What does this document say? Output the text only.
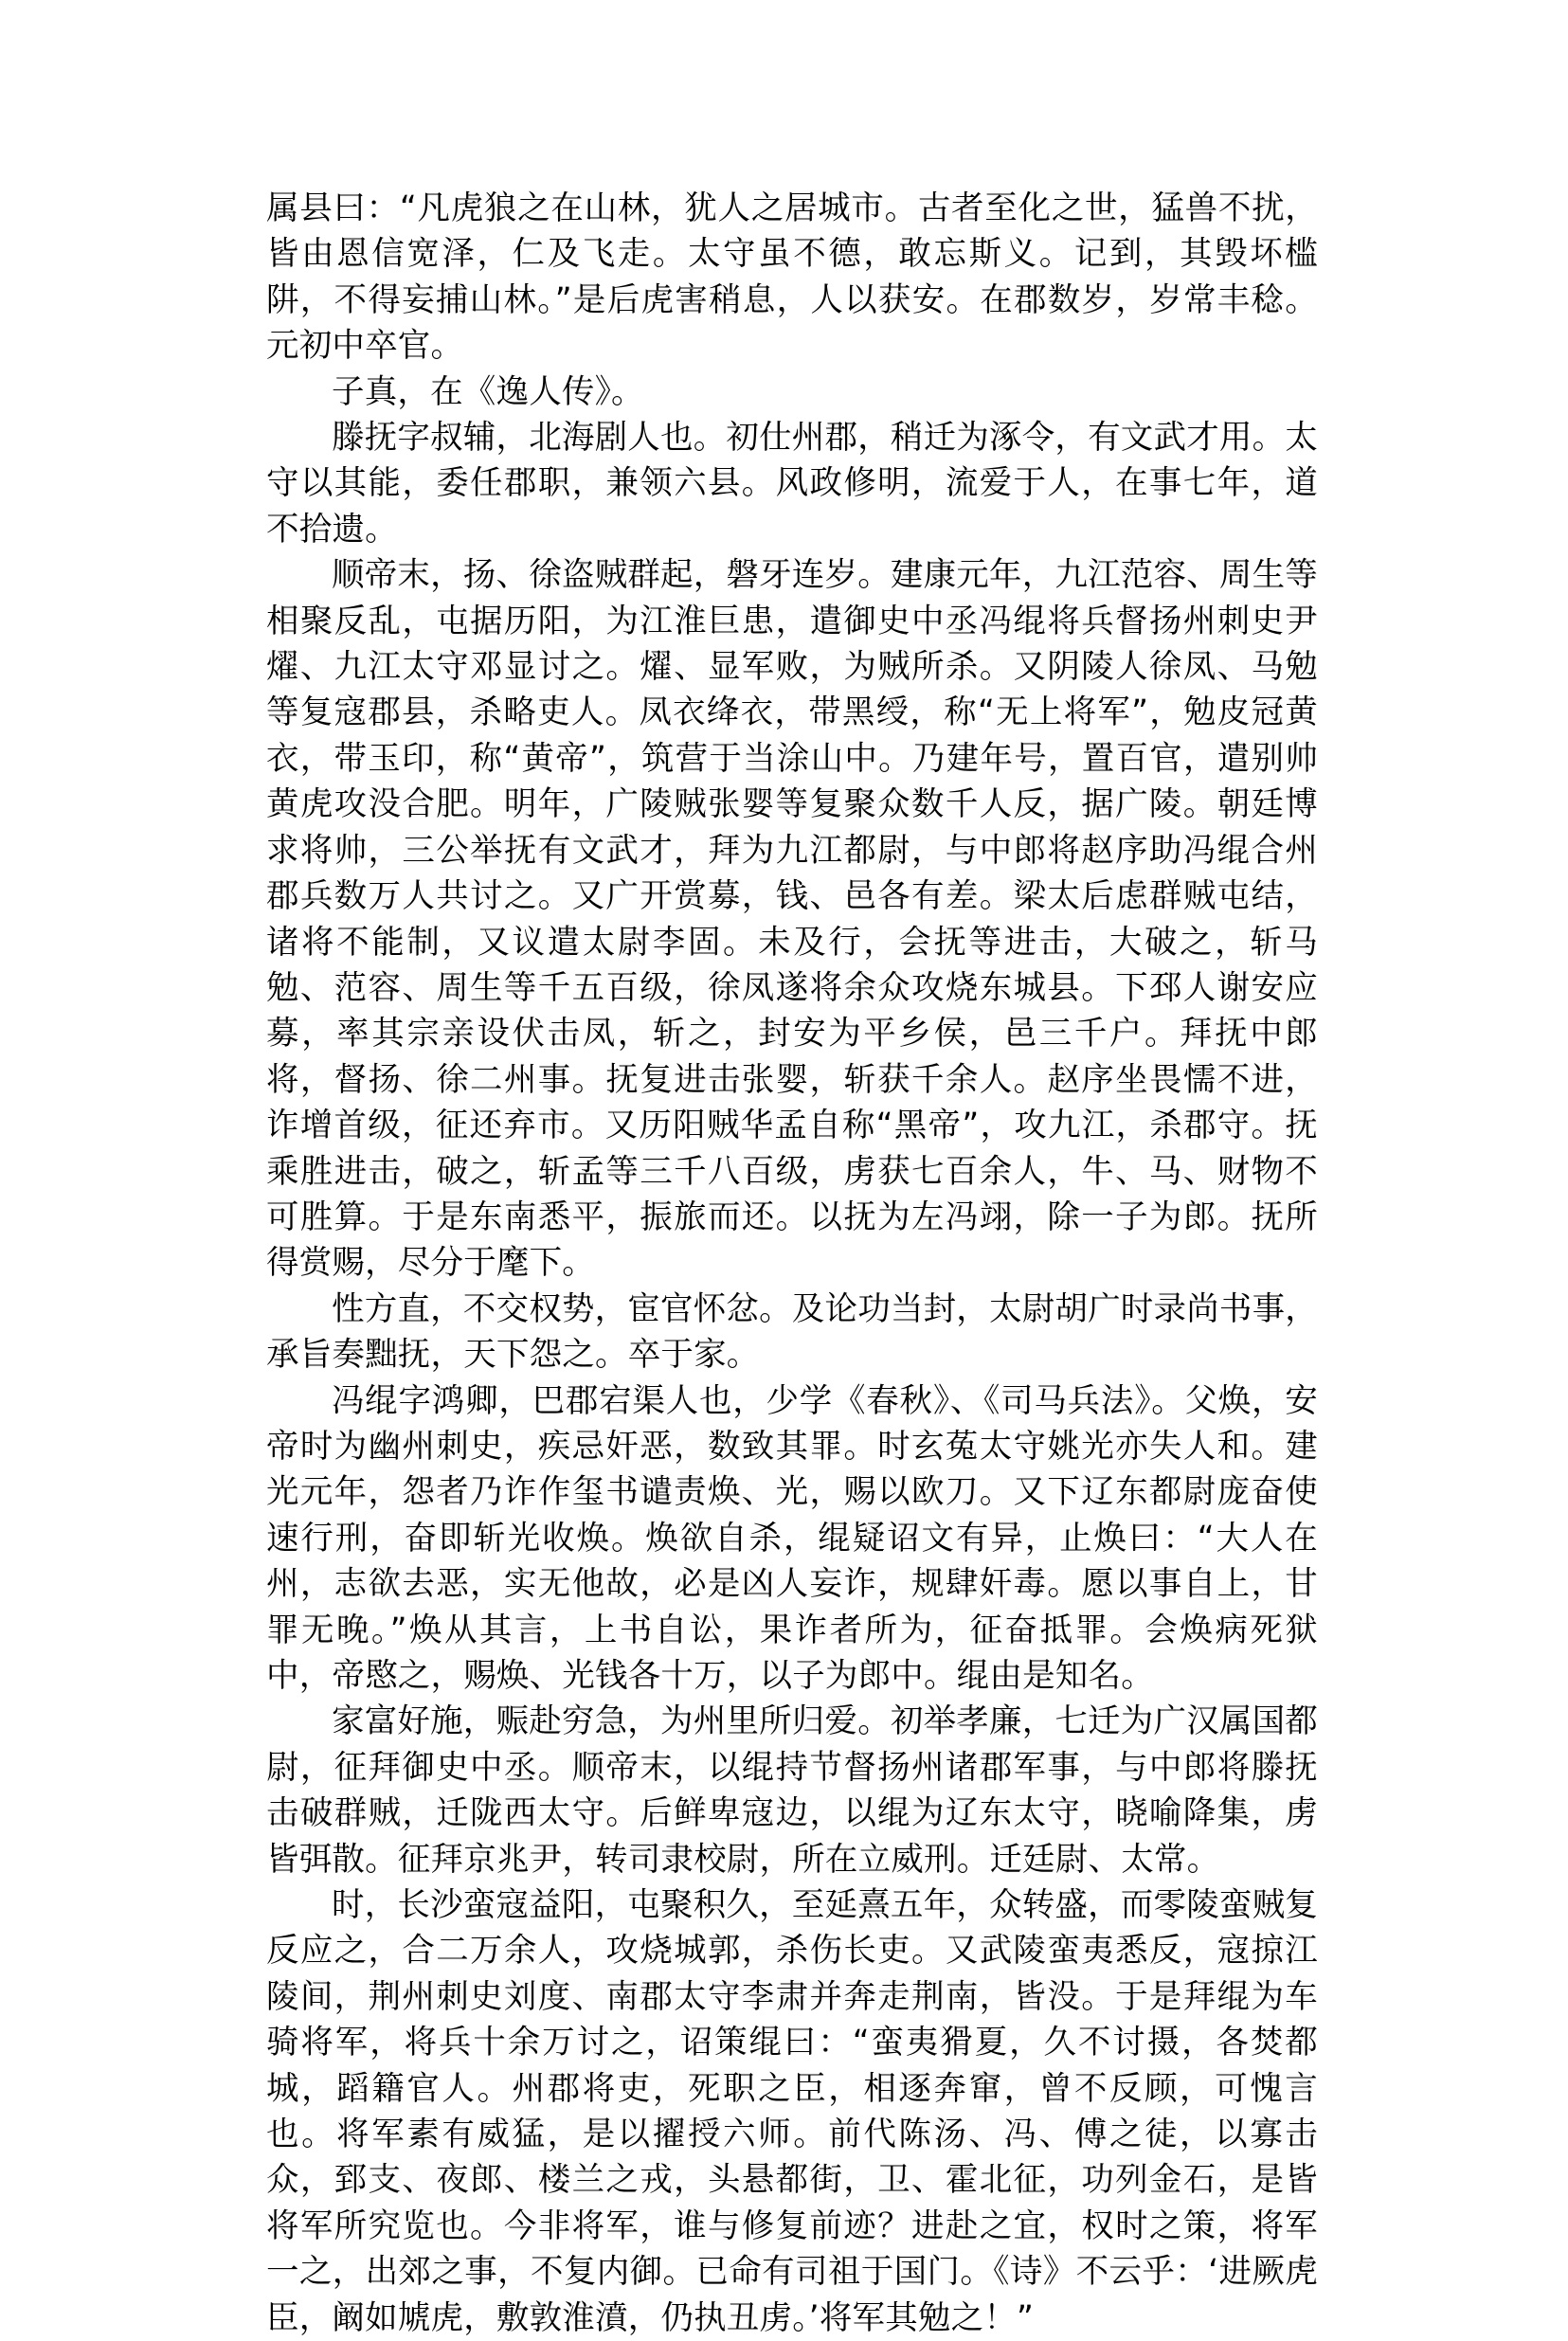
属县曰：“凡虎狼之在山林，犹人之居城市。古者至化之世，猛兽不扰，皆由恩信宽泽，仁及飞走。太守虽不德，敢忘斯义。记到，其毁坏槛阱，不得妄捕山林。”是后虎害稍息，人以获安。在郡数岁，岁常丰稔。元初中卒官。

子真，在《逸人传》。

滕抚字叔辅，北海剧人也。初仕州郡，稍迁为涿令，有文武才用。太守以其能，委任郡职，兼领六县。风政修明，流爱于人，在事七年，道不拾遗。

顺帝末，扬、徐盗贼群起，磐牙连岁。建康元年，九江范容、周生等相聚反乱，屯据历阳，为江淮巨患，遣御史中丞冯绲将兵督扬州刺史尹燿、九江太守邓显讨之。燿、显军败，为贼所杀。又阴陵人徐凤、马勉等复寇郡县，杀略吏人。凤衣绛衣，带黑绶，称“无上将军”，勉皮冠黄衣，带玉印，称“黄帝”，筑营于当涂山中。乃建年号，置百官，遣别帅黄虎攻没合肥。明年，广陵贼张婴等复聚众数千人反，据广陵。朝廷博求将帅，三公举抚有文武才，拜为九江都尉，与中郎将赵序助冯绲合州郡兵数万人共讨之。又广开赏募，钱、邑各有差。梁太后虑群贼屯结，诸将不能制，又议遣太尉李固。未及行，会抚等进击，大破之，斩马勉、范容、周生等千五百级，徐凤遂将余众攻烧东城县。下邳人谢安应募，率其宗亲设伏击凤，斩之，封安为平乡侯，邑三千户。拜抚中郎将，督扬、徐二州事。抚复进击张婴，斩获千余人。赵序坐畏懦不进，诈增首级，征还弃市。又历阳贼华孟自称“黑帝”，攻九江，杀郡守。抚乘胜进击，破之，斩孟等三千八百级，虏获七百余人，牛、马、财物不可胜算。于是东南悉平，振旅而还。以抚为左冯翊，除一子为郎。抚所得赏赐，尽分于麾下。

性方直，不交权势，宦官怀忿。及论功当封，太尉胡广时录尚书事，承旨奏黜抚，天下怨之。卒于家。

冯绲字鸿卿，巴郡宕渠人也，少学《春秋》、《司马兵法》。父焕，安帝时为幽州刺史，疾忌奸恶，数致其罪。时玄菟太守姚光亦失人和。建光元年，怨者乃诈作玺书谴责焕、光，赐以欧刀。又下辽东都尉庞奋使速行刑，奋即斩光收焕。焕欲自杀，绲疑诏文有异，止焕曰：“大人在州，志欲去恶，实无他故，必是凶人妄诈，规肆奸毒。愿以事自上，甘罪无晚。”焕从其言，上书自讼，果诈者所为，征奋抵罪。会焕病死狱中，帝愍之，赐焕、光钱各十万，以子为郎中。绲由是知名。

家富好施，赈赴穷急，为州里所归爱。初举孝廉，七迁为广汉属国都尉，征拜御史中丞。顺帝末，以绲持节督扬州诸郡军事，与中郎将滕抚击破群贼，迁陇西太守。后鲜卑寇边，以绲为辽东太守，晓喻降集，虏皆弭散。征拜京兆尹，转司隶校尉，所在立威刑。迁廷尉、太常。

时，长沙蛮寇益阳，屯聚积久，至延熹五年，众转盛，而零陵蛮贼复反应之，合二万余人，攻烧城郭，杀伤长吏。又武陵蛮夷悉反，寇掠江陵间，荆州刺史刘度、南郡太守李肃并奔走荆南，皆没。于是拜绲为车骑将军，将兵十余万讨之，诏策绲曰：“蛮夷猾夏，久不讨摄，各焚都城，蹈籍官人。州郡将吏，死职之臣，相逐奔窜，曾不反顾，可愧言也。将军素有威猛，是以擢授六师。前代陈汤、冯、傅之徒，以寡击众，郅支、夜郎、楼兰之戎，头悬都街，卫、霍北征，功列金石，是皆将军所究览也。今非将军，谁与修复前迹？进赴之宜，权时之策，将军一之，出郊之事，不复内御。已命有司祖于国门。《诗》不云乎：‘进厥虎臣，阚如虓虎，敷敦淮濆，仍执丑虏。’将军其勉之！”
